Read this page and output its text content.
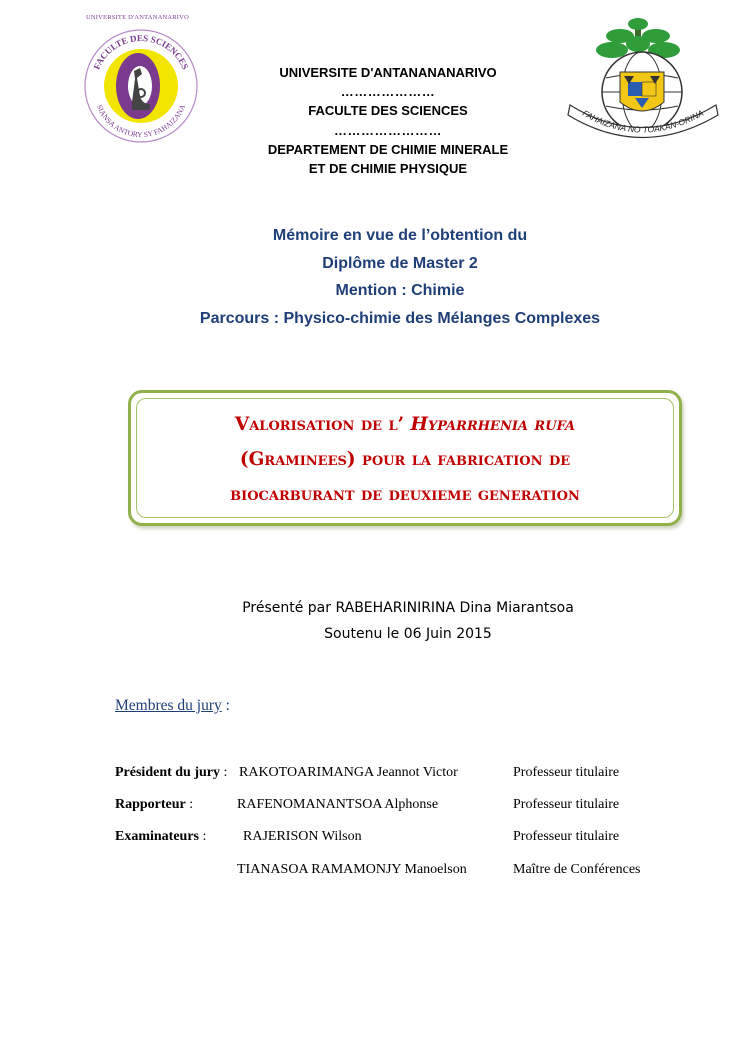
UNIVERSITE D'ANTANANARIVO
FACULTE DES SCIENCES
SIANSA ANTORY SY FAHAIZANA
FAHAIZANA NO TOAKAN-ORINA
UNIVERSITE D'ANTANANANARIVO
…………………
FACULTE DES SCIENCES
……………………
DEPARTEMENT DE CHIMIE MINERALE
ET DE CHIMIE PHYSIQUE
Mémoire en vue de l’obtention du
Diplôme de Master 2
Mention : Chimie
Parcours : Physico-chimie des Mélanges Complexes
Valorisation de l’ Hyparrhenia rufa
(Graminees) pour la fabrication de
biocarburant de deuxieme generation
Présenté par RABEHARINIRINA Dina Miarantsoa
Soutenu le 06 Juin 2015
Membres du jury :
Président du jury : RAKOTOARIMANGA Jeannot Victor	Professeur titulaire
Rapporteur :	RAFENOMANANTSOA Alphonse	Professeur titulaire
Examinateurs :	RAJERISON Wilson	Professeur titulaire
TIANASOA RAMAMONJY Manoelson	Maître de Conférences
